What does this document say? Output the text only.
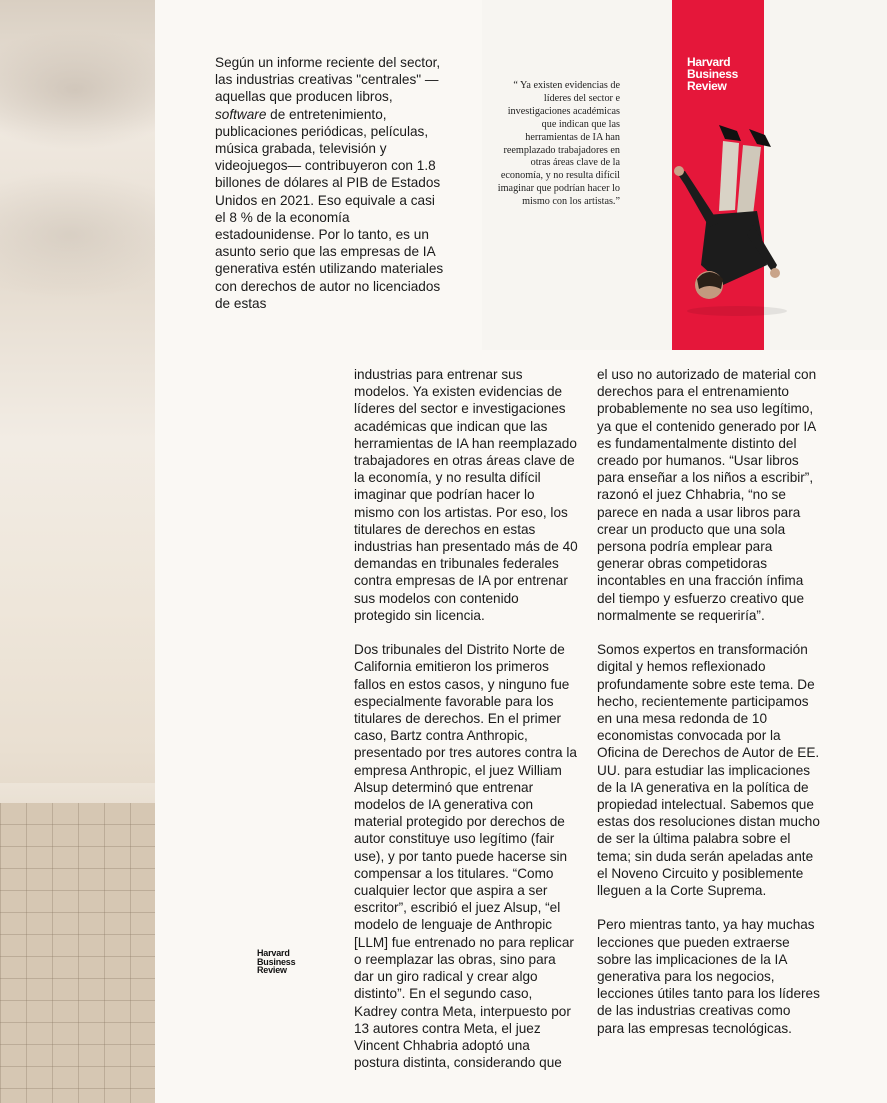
Según un informe reciente del sector, las industrias creativas "centrales" —aquellas que producen libros, software de entretenimiento, publicaciones periódicas, películas, música grabada, televisión y videojuegos— contribuyeron con 1.8 billones de dólares al PIB de Estados Unidos en 2021. Eso equivale a casi el 8 % de la economía estadounidense. Por lo tanto, es un asunto serio que las empresas de IA generativa estén utilizando materiales con derechos de autor no licenciados de estas

Harvard
Business
Review

“ Ya existen evidencias de líderes del sector e investigaciones académicas que indican que las herramientas de IA han reemplazado trabajadores en otras áreas clave de la economía, y no resulta difícil imaginar que podrían hacer lo mismo con los artistas.”

industrias para entrenar sus modelos. Ya existen evidencias de líderes del sector e investigaciones académicas que indican que las herramientas de IA han reemplazado trabajadores en otras áreas clave de la economía, y no resulta difícil imaginar que podrían hacer lo mismo con los artistas. Por eso, los titulares de derechos en estas industrias han presentado más de 40 demandas en tribunales federales contra empresas de IA por entrenar sus modelos con contenido protegido sin licencia.

Dos tribunales del Distrito Norte de California emitieron los primeros fallos en estos casos, y ninguno fue especialmente favorable para los titulares de derechos. En el primer caso, Bartz contra Anthropic, presentado por tres autores contra la empresa Anthropic, el juez William Alsup determinó que entrenar modelos de IA generativa con material protegido por derechos de autor constituye uso legítimo (fair use), y por tanto puede hacerse sin compensar a los titulares. “Como cualquier lector que aspira a ser escritor”, escribió el juez Alsup, “el modelo de lenguaje de Anthropic [LLM] fue entrenado no para replicar o reemplazar las obras, sino para dar un giro radical y crear algo distinto”. En el segundo caso, Kadrey contra Meta, interpuesto por 13 autores contra Meta, el juez Vincent Chhabria adoptó una postura distinta, considerando que

el uso no autorizado de material con derechos para el entrenamiento probablemente no sea uso legítimo, ya que el contenido generado por IA es fundamentalmente distinto del creado por humanos. “Usar libros para enseñar a los niños a escribir”, razonó el juez Chhabria, “no se parece en nada a usar libros para crear un producto que una sola persona podría emplear para generar obras competidoras incontables en una fracción ínfima del tiempo y esfuerzo creativo que normalmente se requeriría”.

Somos expertos en transformación digital y hemos reflexionado profundamente sobre este tema. De hecho, recientemente participamos en una mesa redonda de 10 economistas convocada por la Oficina de Derechos de Autor de EE. UU. para estudiar las implicaciones de la IA generativa en la política de propiedad intelectual. Sabemos que estas dos resoluciones distan mucho de ser la última palabra sobre el tema; sin duda serán apeladas ante el Noveno Circuito y posiblemente lleguen a la Corte Suprema.

Pero mientras tanto, ya hay muchas lecciones que pueden extraerse sobre las implicaciones de la IA generativa para los negocios, lecciones útiles tanto para los líderes de las industrias creativas como para las empresas tecnológicas.

Harvard
Business
Review
